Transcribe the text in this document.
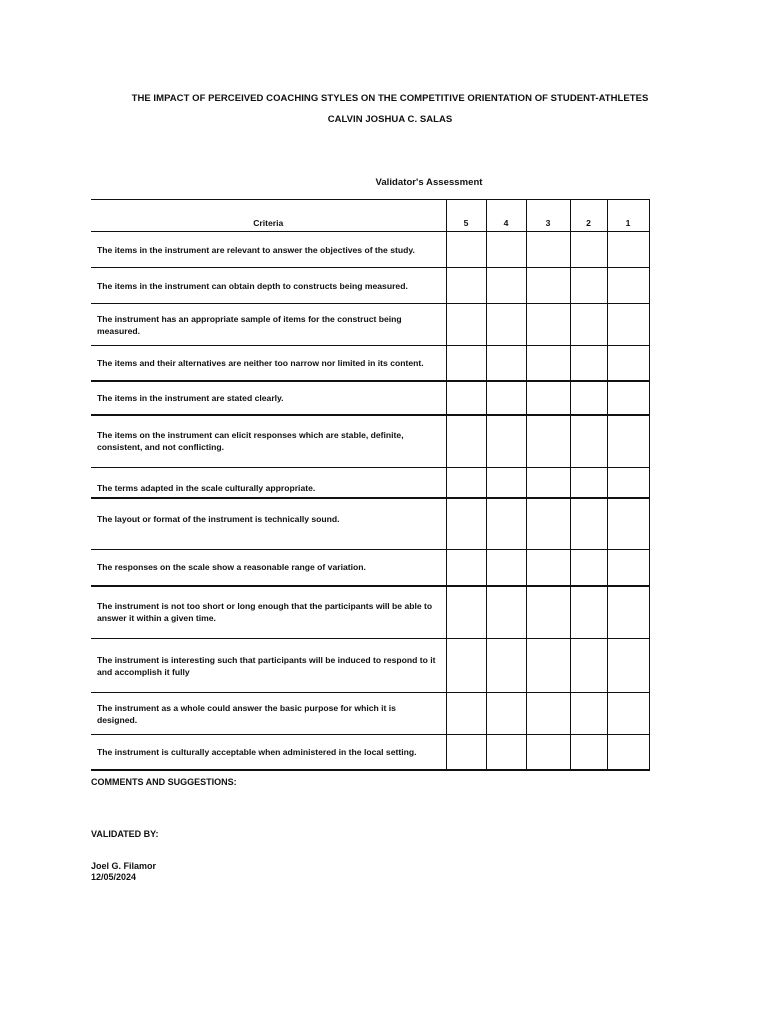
THE IMPACT OF PERCEIVED COACHING STYLES ON THE COMPETITIVE ORIENTATION OF STUDENT-ATHLETES
CALVIN JOSHUA C. SALAS
Validator's Assessment
Criteria	5	4	3	2	1
The items in the instrument are relevant to answer the objectives of the study.					
The items in the instrument can obtain depth to constructs being measured.					
The instrument has an appropriate sample of items for the construct being measured.					
The items and their alternatives are neither too narrow nor limited in its content.					
The items in the instrument are stated clearly.					
The items on the instrument can elicit responses which are stable, definite, consistent, and not conflicting.					
The terms adapted in the scale culturally appropriate.					
The layout or format of the instrument is technically sound.					
The responses on the scale show a reasonable range of variation.					
The instrument is not too short or long enough that the participants will be able to answer it within a given time.					
The instrument is interesting such that participants will be induced to respond to it and accomplish it fully					
The instrument as a whole could answer the basic purpose for which it is designed.					
The instrument is culturally acceptable when administered in the local setting.					
COMMENTS AND SUGGESTIONS:
VALIDATED BY:
Joel G. Filamor
12/05/2024
